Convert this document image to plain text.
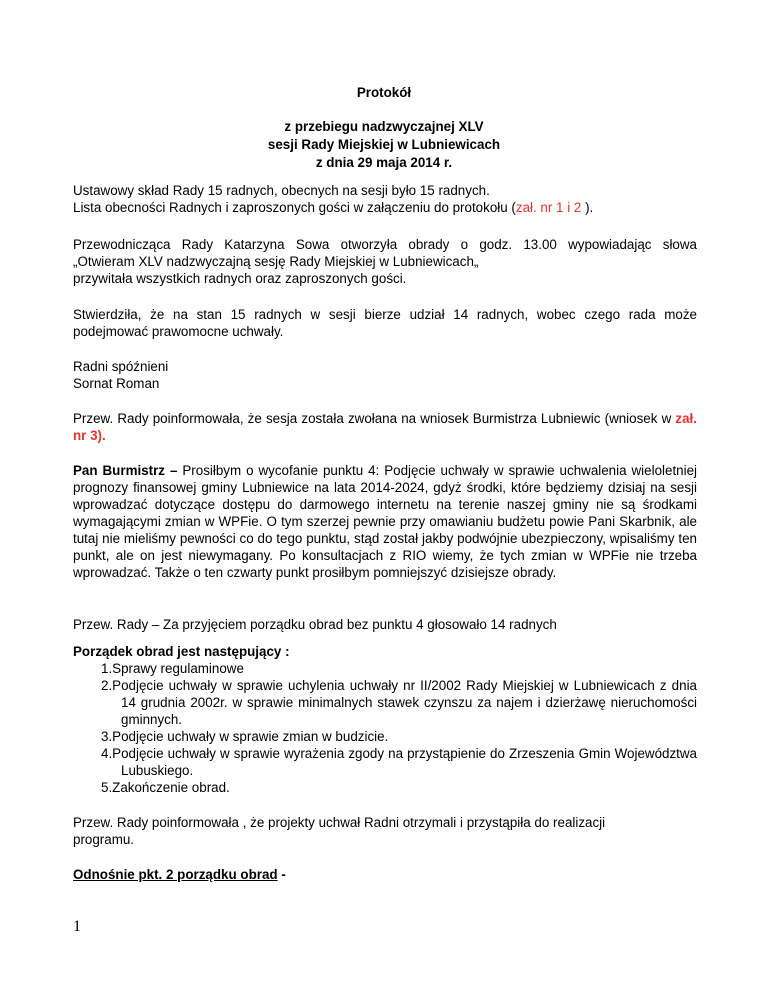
Protokół
z przebiegu nadzwyczajnej XLV
sesji Rady Miejskiej w Lubniewicach
z dnia 29 maja 2014 r.
Ustawowy skład Rady 15 radnych, obecnych na sesji było 15 radnych.
Lista obecności Radnych i zaproszonych gości w załączeniu do protokołu (zał. nr 1 i 2 ).
Przewodnicząca Rady Katarzyna Sowa otworzyła obrady o godz. 13.00 wypowiadając słowa
„Otwieram XLV nadzwyczajną sesję Rady Miejskiej w Lubniewicach„
przywitała wszystkich radnych oraz zaproszonych gości.
Stwierdziła, że na stan 15 radnych w sesji bierze udział 14 radnych, wobec czego rada może podejmować prawomocne uchwały.
Radni spóźnieni
Sornat Roman
Przew. Rady poinformowała, że sesja została zwołana na wniosek Burmistrza Lubniewic (wniosek w zał. nr 3).
Pan Burmistrz – Prosiłbym o wycofanie punktu 4: Podjęcie uchwały w sprawie uchwalenia wieloletniej prognozy finansowej gminy Lubniewice na lata 2014-2024, gdyż środki, które będziemy dzisiaj na sesji wprowadzać dotyczące dostępu do darmowego internetu na terenie naszej gminy nie są środkami wymagającymi zmian w WPFie. O tym szerzej pewnie przy omawianiu budżetu powie Pani Skarbnik, ale tutaj nie mieliśmy pewności co do tego punktu, stąd został jakby podwójnie ubezpieczony, wpisaliśmy ten punkt, ale on jest niewymagany. Po konsultacjach z RIO wiemy, że tych zmian w WPFie nie trzeba wprowadzać. Także o ten czwarty punkt prosiłbym pomniejszyć dzisiejsze obrady.
Przew. Rady – Za przyjęciem porządku obrad bez punktu 4 głosowało 14 radnych
Porządek obrad jest następujący :
1.Sprawy regulaminowe
2.Podjęcie uchwały w sprawie uchylenia uchwały nr II/2002 Rady Miejskiej w Lubniewicach z dnia 14 grudnia 2002r. w sprawie minimalnych stawek czynszu za najem i dzierżawę nieruchomości gminnych.
3.Podjęcie uchwały w sprawie zmian w budzicie.
4.Podjęcie uchwały w sprawie wyrażenia zgody na przystąpienie do Zrzeszenia Gmin Województwa Lubuskiego.
5.Zakończenie obrad.
Przew. Rady poinformowała , że projekty uchwał Radni otrzymali i przystąpiła do realizacji
programu.
Odnośnie pkt. 2 porządku obrad -
1
